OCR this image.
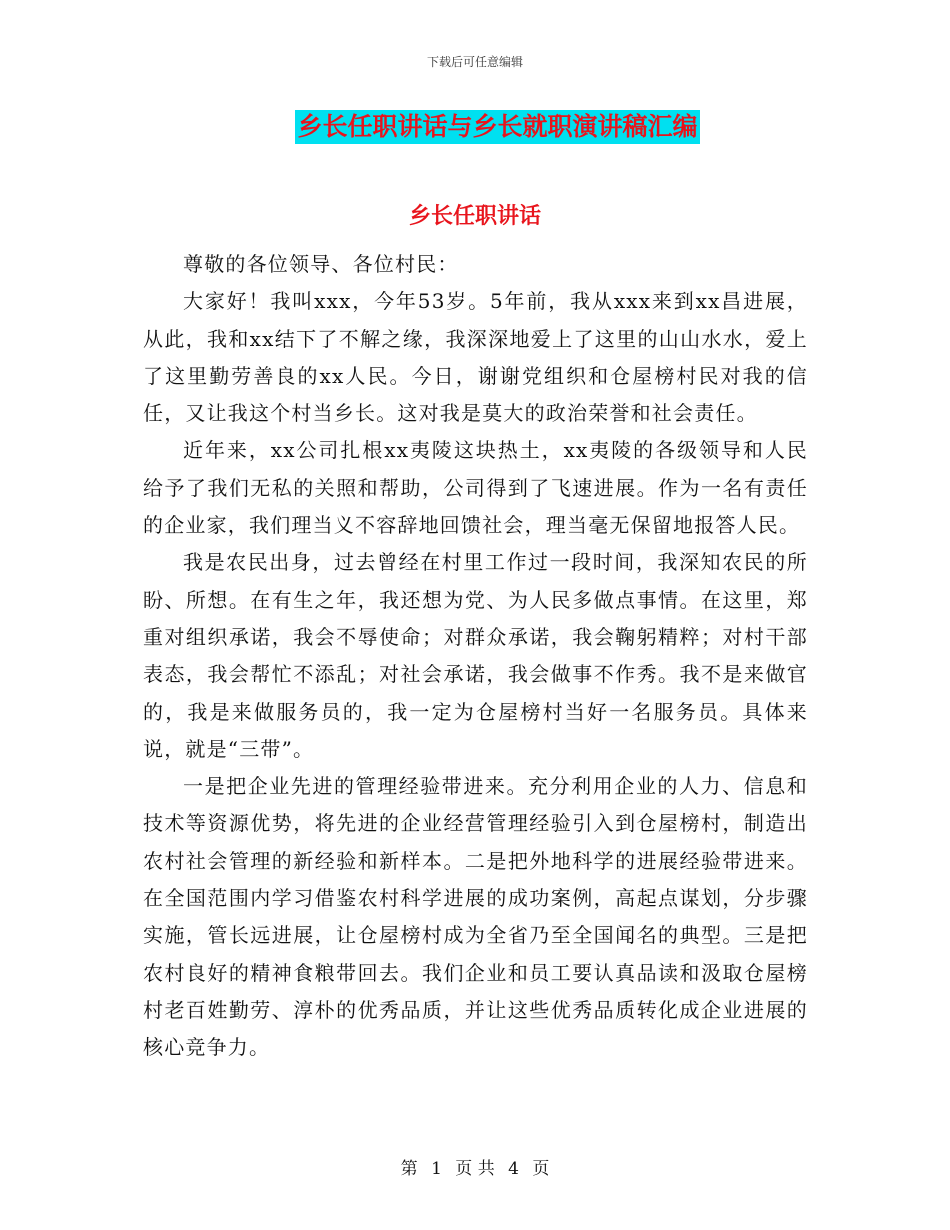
下载后可任意编辑
乡长任职讲话与乡长就职演讲稿汇编
乡长任职讲话

尊敬的各位领导、各位村民：

大家好！我叫xxx，今年53岁。5年前，我从xxx来到xx昌进展，从此，我和xx结下了不解之缘，我深深地爱上了这里的山山水水，爱上了这里勤劳善良的xx人民。今日，谢谢党组织和仓屋榜村民对我的信任，又让我这个村当乡长。这对我是莫大的政治荣誉和社会责任。

近年来，xx公司扎根xx夷陵这块热土，xx夷陵的各级领导和人民给予了我们无私的关照和帮助，公司得到了飞速进展。作为一名有责任的企业家，我们理当义不容辞地回馈社会，理当毫无保留地报答人民。

我是农民出身，过去曾经在村里工作过一段时间，我深知农民的所盼、所想。在有生之年，我还想为党、为人民多做点事情。在这里，郑重对组织承诺，我会不辱使命；对群众承诺，我会鞠躬精粹；对村干部表态，我会帮忙不添乱；对社会承诺，我会做事不作秀。我不是来做官的，我是来做服务员的，我一定为仓屋榜村当好一名服务员。具体来说，就是“三带”。

一是把企业先进的管理经验带进来。充分利用企业的人力、信息和技术等资源优势，将先进的企业经营管理经验引入到仓屋榜村，制造出农村社会管理的新经验和新样本。二是把外地科学的进展经验带进来。在全国范围内学习借鉴农村科学进展的成功案例，高起点谋划，分步骤实施，管长远进展，让仓屋榜村成为全省乃至全国闻名的典型。三是把农村良好的精神食粮带回去。我们企业和员工要认真品读和汲取仓屋榜村老百姓勤劳、淳朴的优秀品质，并让这些优秀品质转化成企业进展的核心竞争力。

第 1 页 共 4 页
